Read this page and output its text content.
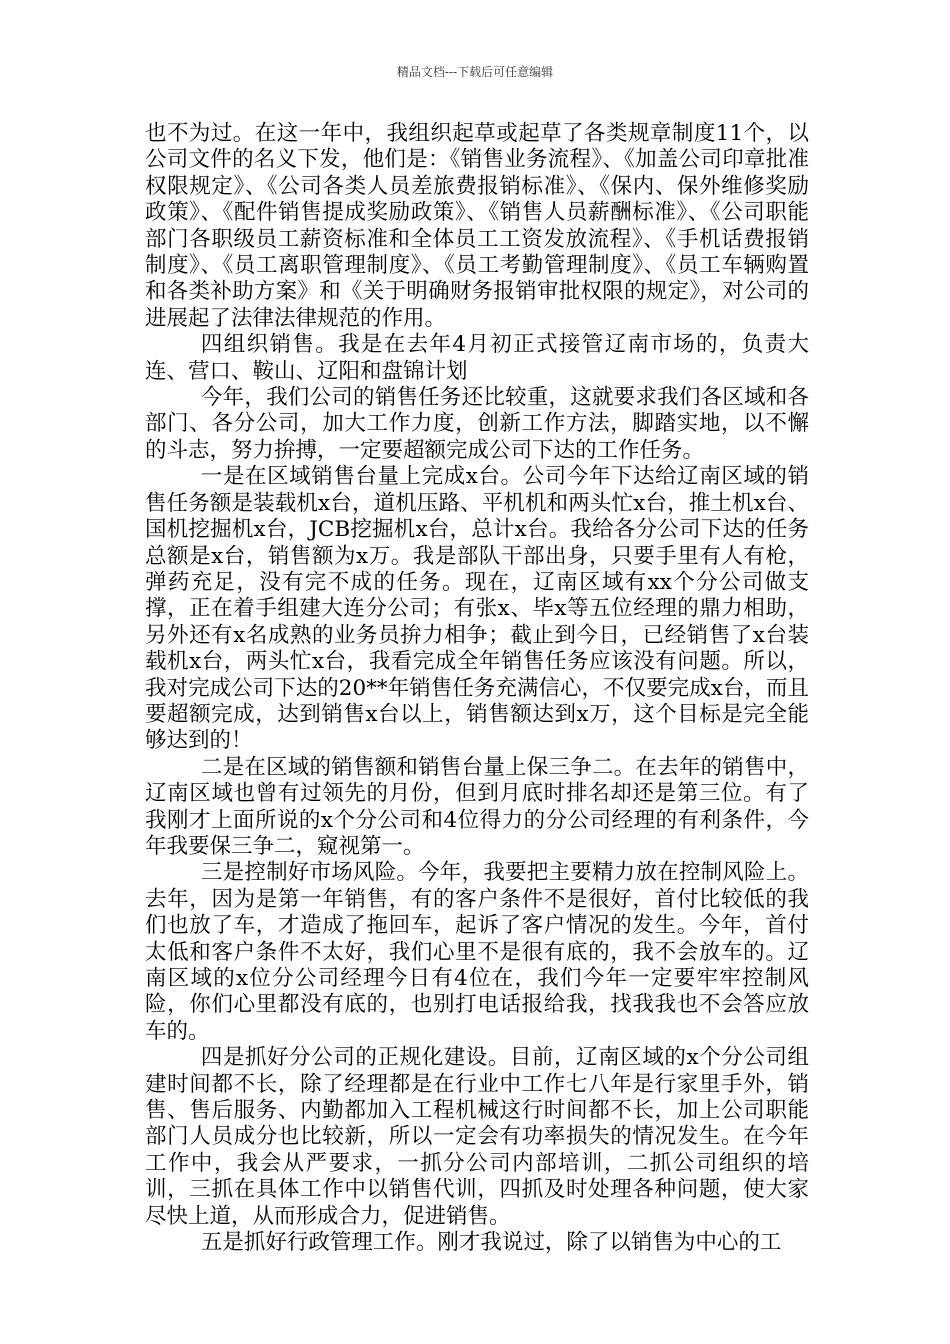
精品文档---下载后可任意编辑

也不为过。在这一年中，我组织起草或起草了各类规章制度11个，以公司文件的名义下发，他们是：《销售业务流程》、《加盖公司印章批准权限规定》、《公司各类人员差旅费报销标准》、《保内、保外维修奖励政策》、《配件销售提成奖励政策》、《销售人员薪酬标准》、《公司职能部门各职级员工薪资标准和全体员工工资发放流程》、《手机话费报销制度》、《员工离职管理制度》、《员工考勤管理制度》、《员工车辆购置和各类补助方案》和《关于明确财务报销审批权限的规定》，对公司的进展起了法律法律规范的作用。

四组织销售。我是在去年4月初正式接管辽南市场的，负责大连、营口、鞍山、辽阳和盘锦计划

今年，我们公司的销售任务还比较重，这就要求我们各区域和各部门、各分公司，加大工作力度，创新工作方法，脚踏实地，以不懈的斗志，努力拚搏，一定要超额完成公司下达的工作任务。

一是在区域销售台量上完成x台。公司今年下达给辽南区域的销售任务额是装载机x台，道机压路、平机机和两头忙x台，推土机x台、国机挖掘机x台，JCB挖掘机x台，总计x台。我给各分公司下达的任务总额是x台，销售额为x万。我是部队干部出身，只要手里有人有枪，弹药充足，没有完不成的任务。现在，辽南区域有xx个分公司做支撑，正在着手组建大连分公司；有张x、毕x等五位经理的鼎力相助，另外还有x名成熟的业务员拚力相争；截止到今日，已经销售了x台装载机x台，两头忙x台，我看完成全年销售任务应该没有问题。所以，我对完成公司下达的20**年销售任务充满信心，不仅要完成x台，而且要超额完成，达到销售x台以上，销售额达到x万，这个目标是完全能够达到的！

二是在区域的销售额和销售台量上保三争二。在去年的销售中，辽南区域也曾有过领先的月份，但到月底时排名却还是第三位。有了我刚才上面所说的x个分公司和4位得力的分公司经理的有利条件，今年我要保三争二，窥视第一。

三是控制好市场风险。今年，我要把主要精力放在控制风险上。去年，因为是第一年销售，有的客户条件不是很好，首付比较低的我们也放了车，才造成了拖回车，起诉了客户情况的发生。今年，首付太低和客户条件不太好，我们心里不是很有底的，我不会放车的。辽南区域的x位分公司经理今日有4位在，我们今年一定要牢牢控制风险，你们心里都没有底的，也别打电话报给我，找我我也不会答应放车的。

四是抓好分公司的正规化建设。目前，辽南区域的x个分公司组建时间都不长，除了经理都是在行业中工作七八年是行家里手外，销售、售后服务、内勤都加入工程机械这行时间都不长，加上公司职能部门人员成分也比较新，所以一定会有功率损失的情况发生。在今年工作中，我会从严要求，一抓分公司内部培训，二抓公司组织的培训，三抓在具体工作中以销售代训，四抓及时处理各种问题，使大家尽快上道，从而形成合力，促进销售。

五是抓好行政管理工作。刚才我说过，除了以销售为中心的工
